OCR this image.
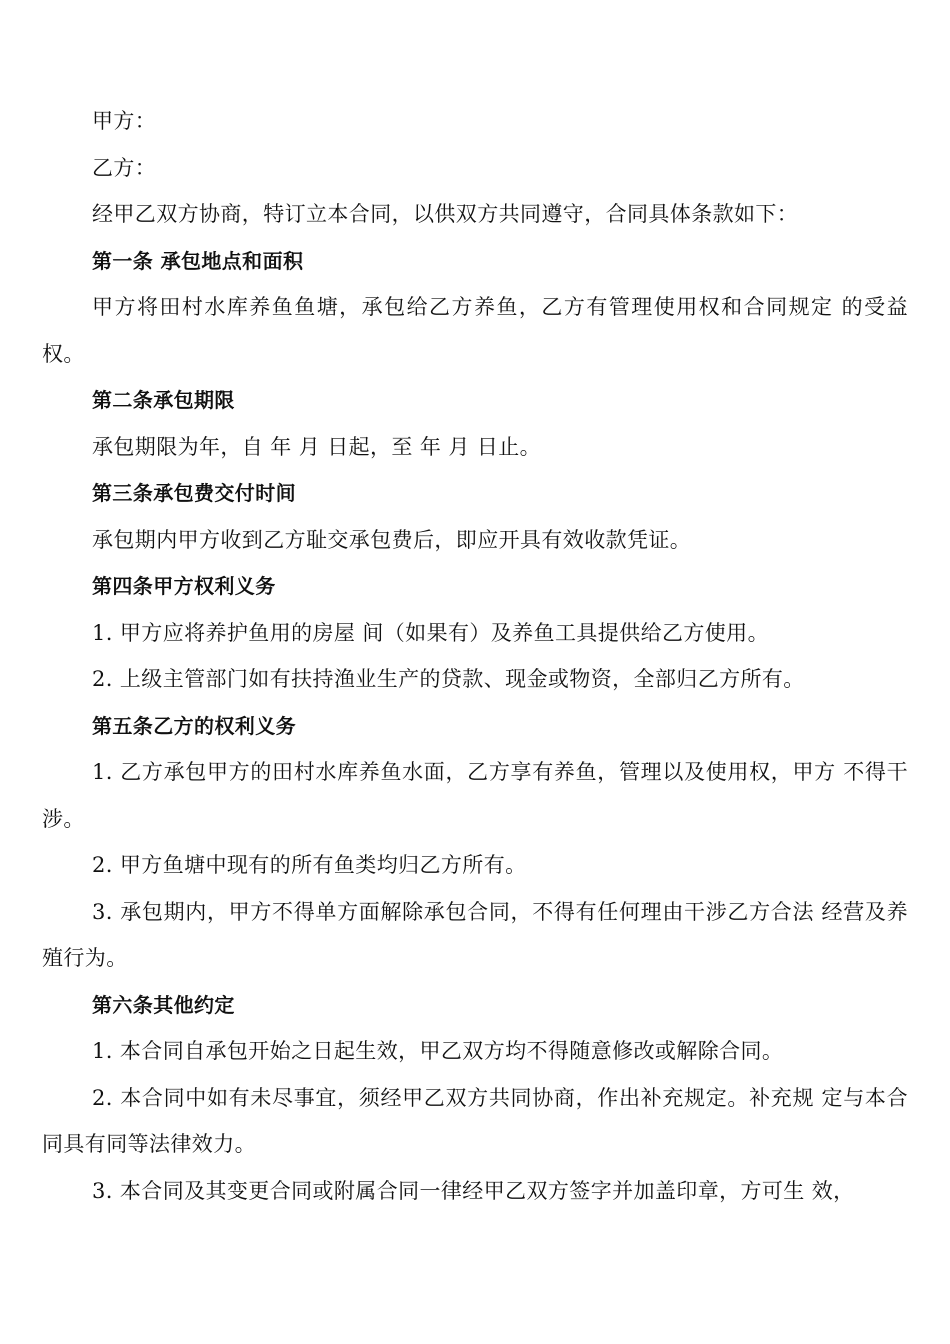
甲方：

乙方：

经甲乙双方协商，特订立本合同，以供双方共同遵守，合同具体条款如下：

第一条 承包地点和面积

甲方将田村水库养鱼鱼塘，承包给乙方养鱼，乙方有管理使用权和合同规定 的受益权。

第二条承包期限

承包期限为年，自 年 月 日起，至 年 月 日止。

第三条承包费交付时间

承包期内甲方收到乙方耻交承包费后，即应开具有效收款凭证。

第四条甲方权利义务

1. 甲方应将养护鱼用的房屋 间（如果有）及养鱼工具提供给乙方使用。

2. 上级主管部门如有扶持渔业生产的贷款、现金或物资，全部归乙方所有。

第五条乙方的权利义务

1. 乙方承包甲方的田村水库养鱼水面，乙方享有养鱼，管理以及使用权，甲方 不得干涉。

2. 甲方鱼塘中现有的所有鱼类均归乙方所有。

3. 承包期内，甲方不得单方面解除承包合同，不得有任何理由干涉乙方合法 经营及养殖行为。

第六条其他约定

1. 本合同自承包开始之日起生效，甲乙双方均不得随意修改或解除合同。

2. 本合同中如有未尽事宜，须经甲乙双方共同协商，作出补充规定。补充规 定与本合同具有同等法律效力。

3. 本合同及其变更合同或附属合同一律经甲乙双方签字并加盖印章，方可生 效，
